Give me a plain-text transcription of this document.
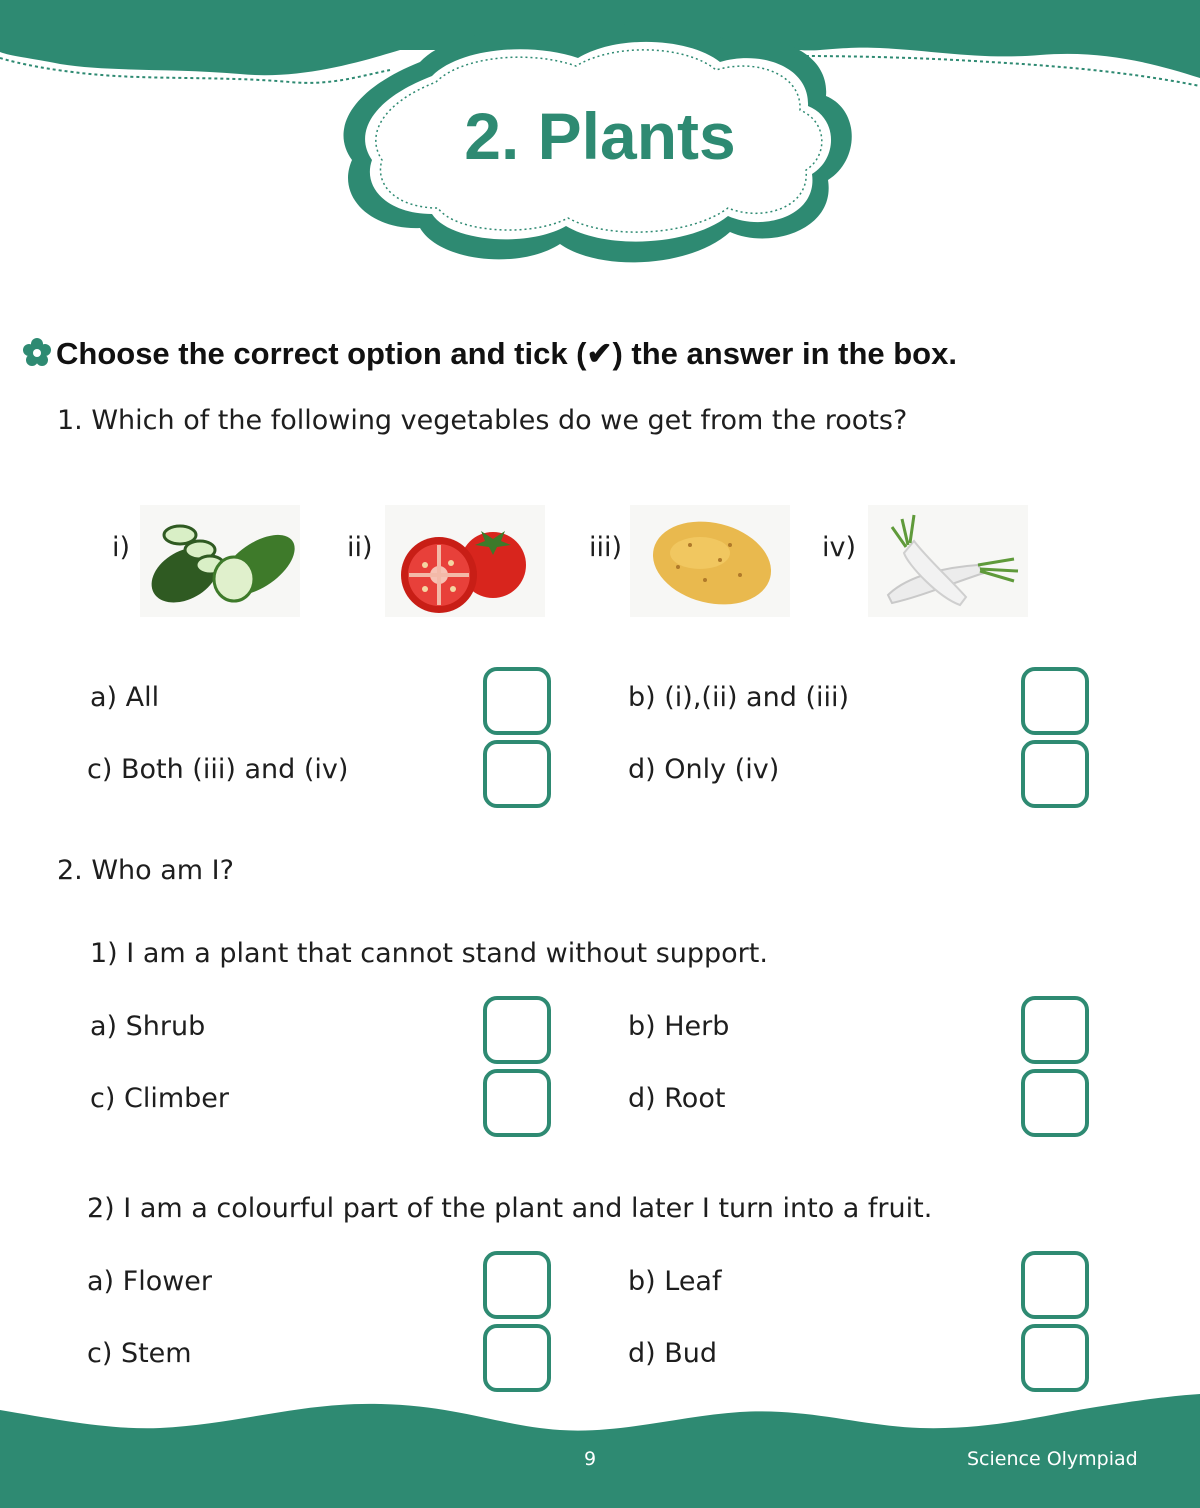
2. Plants
Choose the correct option and tick (✔) the answer in the box.
1. Which of the following vegetables do we get from the roots?
i)	ii)	iii)	iv)
a) All	b) (i),(ii) and (iii)
c) Both (iii) and (iv)	d) Only (iv)
2. Who am I?
1) I am a plant that cannot stand without support.
a) Shrub	b) Herb
c) Climber	d) Root
2) I am a colourful part of the plant and later I turn into a fruit.
a) Flower	b) Leaf
c) Stem	d) Bud
9	Science Olympiad
